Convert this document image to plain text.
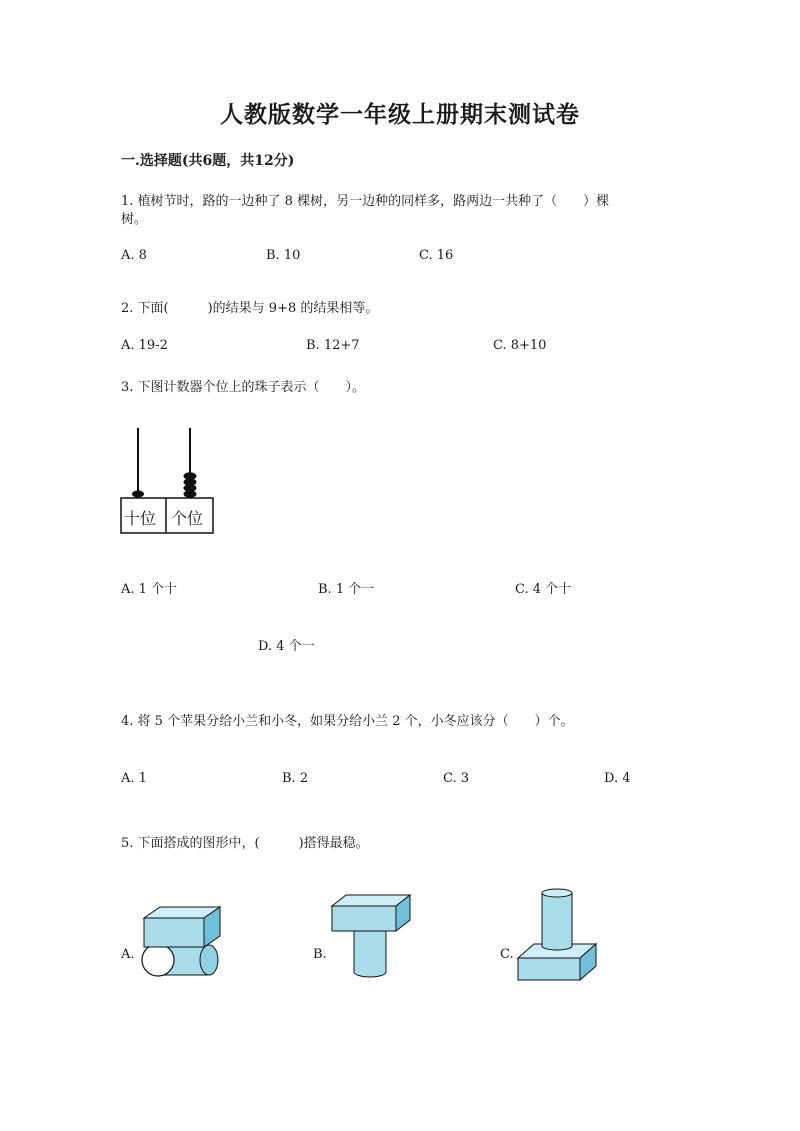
人教版数学一年级上册期末测试卷
一.选择题(共6题，共12分)
1. 植树节时，路的一边种了 8 棵树，另一边种的同样多，路两边一共种了（　　）棵
树。
A. 8	B. 10	C. 16
2. 下面(　　　)的结果与 9+8 的结果相等。
A. 19-2	B. 12+7	C. 8+10
3. 下图计数器个位上的珠子表示（　　）。
十位 个位
A. 1 个十	B. 1 个一	C. 4 个十
D. 4 个一
4. 将 5 个苹果分给小兰和小冬，如果分给小兰 2 个，小冬应该分（　　）个。
A. 1	B. 2	C. 3	D. 4
5. 下面搭成的图形中，(　　　)搭得最稳。
A.	B.	C.
